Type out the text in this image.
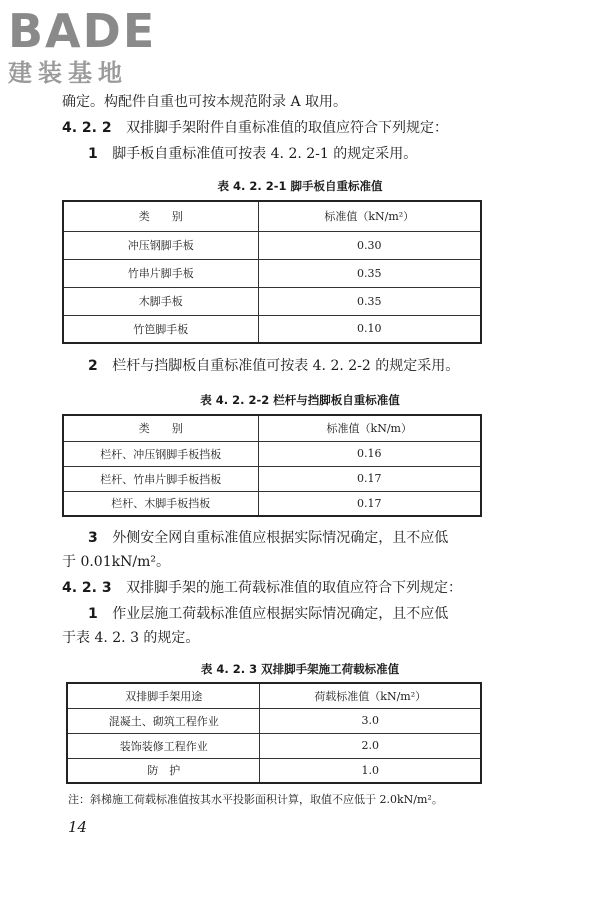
BADE
建装基地
确定。构配件自重也可按本规范附录 A 取用。
4. 2. 2 双排脚手架附件自重标准值的取值应符合下列规定：
1 脚手板自重标准值可按表 4. 2. 2-1 的规定采用。
表 4. 2. 2-1 脚手板自重标准值
类　　别	标准值（kN/m²）
冲压钢脚手板	0.30
竹串片脚手板	0.35
木脚手板	0.35
竹笆脚手板	0.10
2 栏杆与挡脚板自重标准值可按表 4. 2. 2-2 的规定采用。
表 4. 2. 2-2 栏杆与挡脚板自重标准值
类　　别	标准值（kN/m）
栏杆、冲压钢脚手板挡板	0.16
栏杆、竹串片脚手板挡板	0.17
栏杆、木脚手板挡板	0.17
3 外侧安全网自重标准值应根据实际情况确定，且不应低
于 0.01kN/m²。
4. 2. 3 双排脚手架的施工荷载标准值的取值应符合下列规定：
1 作业层施工荷载标准值应根据实际情况确定，且不应低
于表 4. 2. 3 的规定。
表 4. 2. 3 双排脚手架施工荷载标准值
双排脚手架用途	荷载标准值（kN/m²）
混凝土、砌筑工程作业	3.0
装饰装修工程作业	2.0
防　护	1.0
注：斜梯施工荷载标准值按其水平投影面积计算，取值不应低于 2.0kN/m²。
14
